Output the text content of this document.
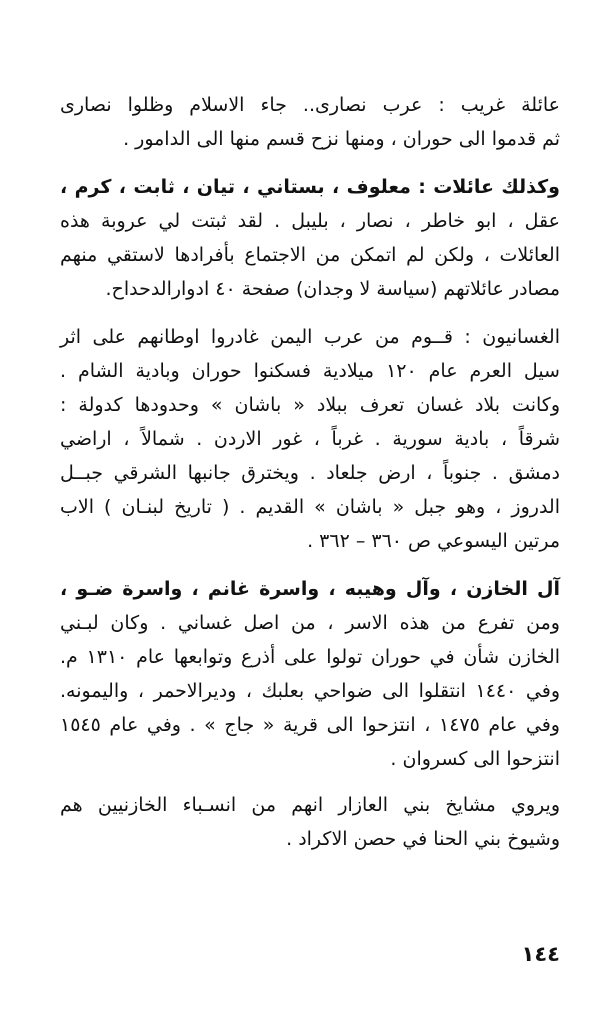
عائلة غريب : عرب نصارى.. جاء الاسلام وظلوا نصارى
ثم قدموا الى حوران ، ومنها نزح قسم منها الى الدامور .
وكذلك عائلات : معلوف ، بستاني ، تيان ، ثابت ، كرم ،
عقل ، ابو خاطر ، نصار ، بليبل . لقد ثبتت لي عروبة هذه
العائلات ، ولكن لم اتمكن من الاجتماع بأفرادها لاستقي منهم
مصادر عائلاتهم (سياسة لا وجدان) صفحة ٤٠ ادوارالدحداح.
الغسانيون : قــوم من عرب اليمن غادروا اوطانهم على اثر
سيل العرم عام ١٢٠ ميلادية فسكنوا حوران وبادية الشام .
وكانت بلاد غسان تعرف ببلاد « باشان » وحدودها كدولة :
شرقاً ، بادية سورية . غرباً ، غور الاردن . شمالاً ، اراضي
دمشق . جنوباً ، ارض جلعاد . ويخترق جانبها الشرقي جبــل
الدروز ، وهو جبل « باشان » القديم . ( تاريخ لبنـان ) الاب
مرتين اليسوعي ص ٣٦٠ – ٣٦٢ .
آل الخازن ، وآل وهيبه ، واسرة غانم ، واسرة ضـو ،
ومن تفرع من هذه الاسر ، من اصل غساني . وكان لبـني
الخازن شأن في حوران تولوا على أذرع وتوابعها عام ١٣١٠ م.
وفي ١٤٤٠ انتقلوا الى ضواحي بعلبك ، وديرالاحمر ، واليمونه.
وفي عام ١٤٧٥ ، انتزحوا الى قرية « جاج » . وفي عام ١٥٤٥
انتزحوا الى كسروان .
ويروي مشايخ بني العازار انهم من انسـباء الخازنيين هم
وشيوخ بني الحنا في حصن الاكراد .
١٤٤
